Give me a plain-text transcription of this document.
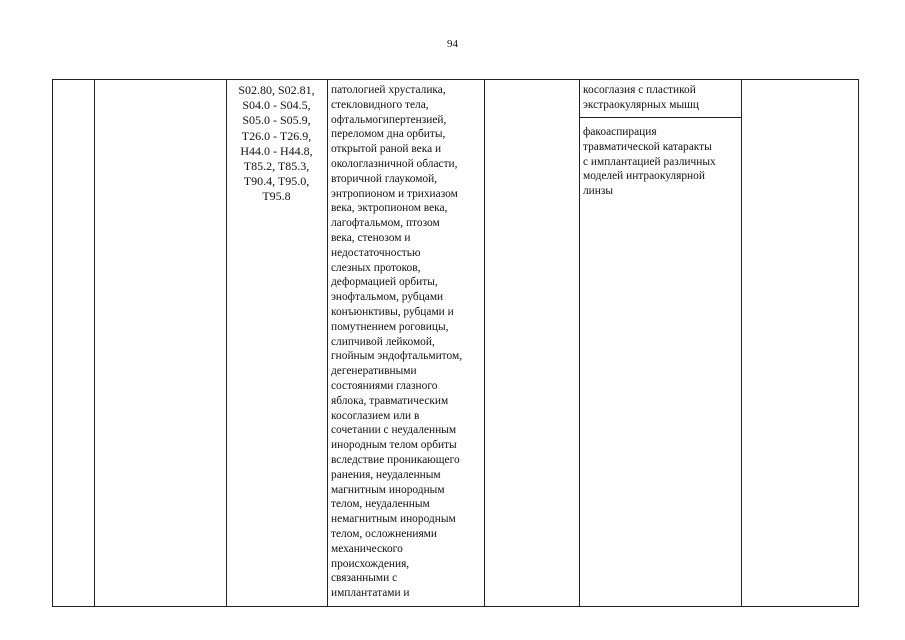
94
S02.80, S02.81,
S04.0 - S04.5,
S05.0 - S05.9,
T26.0 - T26.9,
H44.0 - H44.8,
T85.2, T85.3,
T90.4, T95.0,
T95.8
патологией хрусталика,
стекловидного тела,
офтальмогипертензией,
переломом дна орбиты,
открытой раной века и
окологлазничной области,
вторичной глаукомой,
энтропионом и трихиазом
века, эктропионом века,
лагофтальмом, птозом
века, стенозом и
недостаточностью
слезных протоков,
деформацией орбиты,
энофтальмом, рубцами
конъюнктивы, рубцами и
помутнением роговицы,
слипчивой лейкомой,
гнойным эндофтальмитом,
дегенеративными
состояниями глазного
яблока, травматическим
косоглазием или в
сочетании с неудаленным
инородным телом орбиты
вследствие проникающего
ранения, неудаленным
магнитным инородным
телом, неудаленным
немагнитным инородным
телом, осложнениями
механического
происхождения,
связанными с
имплантатами и
косоглазия с пластикой
экстраокулярных мышц
факоаспирация
травматической катаракты
с имплантацией различных
моделей интраокулярной
линзы
